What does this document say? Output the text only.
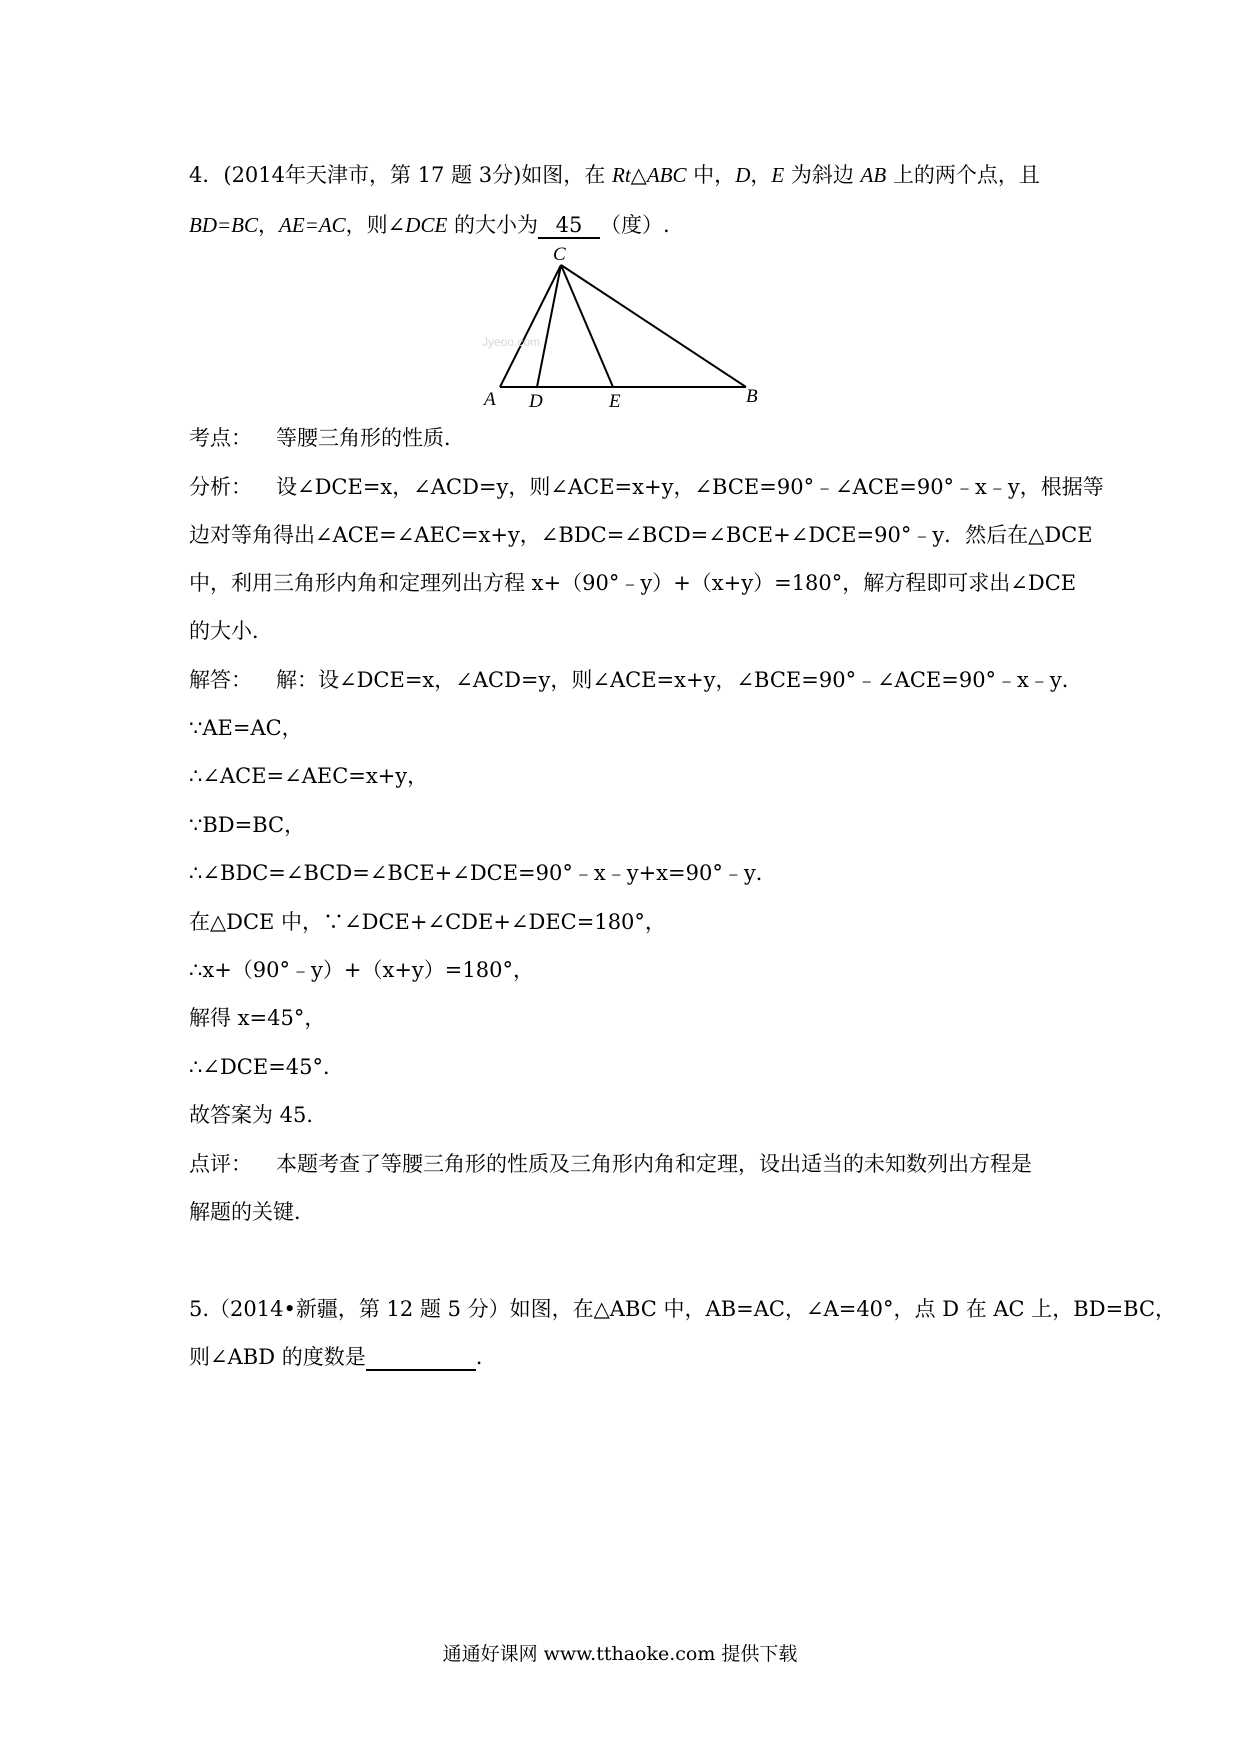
4．(2014年天津市，第 17 题 3分)如图，在 Rt△ABC 中，D，E 为斜边 AB 上的两个点，且
BD=BC，AE=AC，则∠DCE 的大小为 45 （度）.
C
A D	E	B
Jyeoo.com
考点： 等腰三角形的性质．
分析： 设∠DCE=x，∠ACD=y，则∠ACE=x+y，∠BCE=90°﹣∠ACE=90°﹣x﹣y，根据等
边对等角得出∠ACE=∠AEC=x+y，∠BDC=∠BCD=∠BCE+∠DCE=90°﹣y．然后在△DCE
中，利用三角形内角和定理列出方程 x+（90°﹣y）+（x+y）=180°，解方程即可求出∠DCE
的大小．
解答： 解：设∠DCE=x，∠ACD=y，则∠ACE=x+y，∠BCE=90°﹣∠ACE=90°﹣x﹣y．
∵AE=AC，
∴∠ACE=∠AEC=x+y，
∵BD=BC，
∴∠BDC=∠BCD=∠BCE+∠DCE=90°﹣x﹣y+x=90°﹣y．
在△DCE 中，∵∠DCE+∠CDE+∠DEC=180°，
∴x+（90°﹣y）+（x+y）=180°，
解得 x=45°，
∴∠DCE=45°．
故答案为 45．
点评： 本题考查了等腰三角形的性质及三角形内角和定理，设出适当的未知数列出方程是
解题的关键．
5.（2014•新疆，第 12 题 5 分）如图，在△ABC 中，AB=AC，∠A=40°，点 D 在 AC 上，BD=BC，
则∠ABD 的度数是	.
通通好课网 www.tthaoke.com 提供下载
